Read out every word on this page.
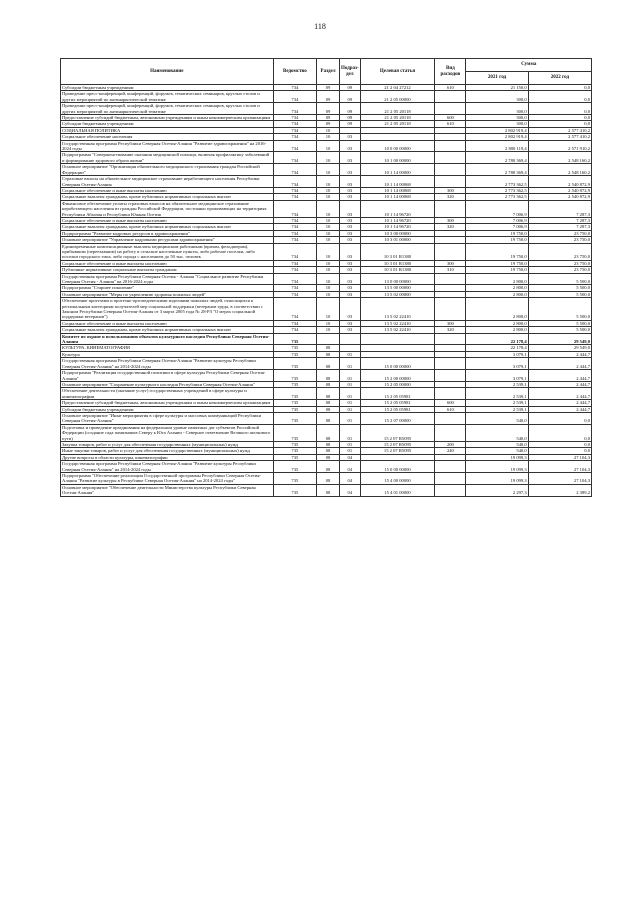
118
Наименование	Ведомство	Раздел	Подраз-дел	Целевая статья	Вид расходов	Сумма	
						2021 год	2022 год
Субсидии бюджетным учреждениям	734	09	09	21 2 04 27212	610	21 150,0	0,0
Проведение пресс-конференций, конференций, форумов, тематических семинаров, круглых столов и других мероприятий по антинаркотической тематике	734	09	09	21 2 05 00000		300,0	0,0
Проведение пресс-конференций, конференций, форумов, тематических семинаров, круглых столов и других мероприятий по антинаркотической тематике	734	09	09	21 2 05 20118		300,0	0,0
Предоставление субсидий бюджетным, автономным учреждениям и иным некоммерческим организациям	734	09	09	21 2 05 20118	600	300,0	0,0
Субсидии бюджетным учреждениям	734	09	09	21 2 05 20118	610	300,0	0,0
СОЦИАЛЬНАЯ ПОЛИТИКА	734	10				2 802 919,4	2 577 410,2
Социальное обеспечение населения	734	10	03			2 802 919,4	2 577 410,2
Государственная программа Республики Северная Осетия-Алания "Развитие здравоохранения" на 2016-2024 годы	734	10	03	10 0 00 00000		2 800 119,4	2 571 910,2
Подпрограмма "Совершенствование оказания медицинской помощи, включая профилактику заболеваний и формирование здорового образа жизни"	734	10	03	10 1 00 00000		2 780 369,4	2 548 160,2
Основное мероприятие "Организация обязательного медицинского страхования граждан Российской Федерации"	734	10	03	10 1 14 00000		2 780 369,4	2 548 160,2
Страховые взносы на обязательное медицинское страхование неработающего населения Республики Северная Осетия-Алания	734	10	03	10 1 14 00068		2 773 362,5	2 540 872,9
Социальное обеспечение и иные выплаты населению	734	10	03	10 1 14 00068	300	2 773 362,5	2 540 872,9
Социальные выплаты гражданам, кроме публичных нормативных социальных выплат	734	10	03	10 1 14 00068	320	2 773 362,5	2 540 872,9
Финансовое обеспечение уплаты страховых взносов на обязательное медицинское страхование неработающего населения из граждан Российской Федерации, постоянно проживающих на территориях Республики Абхазия и Республики Южная Осетия	734	10	03	10 1 14 96720		7 006,9	7 287,3
Социальное обеспечение и иные выплаты населению	734	10	03	10 1 14 96720	300	7 006,9	7 287,3
Социальные выплаты гражданам, кроме публичных нормативных социальных выплат	734	10	03	10 1 14 96720	320	7 006,9	7 287,3
Подпрограмма "Развитие кадровых ресурсов в здравоохранении"	734	10	03	10 3 00 00000		19 750,0	23 750,0
Основное мероприятие "Управление кадровыми ресурсами здравоохранения"	734	10	03	10 3 01 00000		19 750,0	23 750,0
Единовременные компенсационные выплаты медицинским работникам (врачам, фельдшерам), прибывшим (переехавшим) на работу в сельские населенные пункты, либо рабочие поселки, либо поселки городского типа, либо города с населением до 50 тыс. человек	734	10	03	10 3 01 R1380		19 750,0	23 750,0
Социальное обеспечение и иные выплаты населению	734	10	03	10 3 01 R1380	300	19 750,0	23 750,0
Публичные нормативные социальные выплаты гражданам	734	10	03	10 3 01 R1380	310	19 750,0	23 750,0
Государственная программа Республики Северная Осетия - Алания "Социальное развитие Республики Северная Осетия - Алания" на 2016-2024 годы	734	10	03	13 0 00 00000		2 800,0	5 500,0
Подпрограмма "Старшее поколение"	734	10	03	13 5 00 00000		2 800,0	5 500,0
Основное мероприятие "Меры по укреплению здоровья пожилых людей"	734	10	03	13 5 02 00000		2 800,0	5 500,0
Обеспечение протезами и протезно-ортопедическими изделиями пожилых людей, относящихся к региональным категориям получателей мер социальной поддержки (ветеранов труда, в соответствии с Законом Республики Северная Осетия-Алания от 3 марта 2005 года № 28-РЗ "О мерах социальной поддержки ветеранов")	734	10	03	13 5 02 22410		2 800,0	5 500,0
Социальное обеспечение и иные выплаты населению	734	10	03	13 5 02 22410	300	2 800,0	5 500,0
Социальные выплаты гражданам, кроме публичных нормативных социальных выплат	734	10	03	13 5 02 22410	320	2 800,0	5 500,0
Комитет по охране и использованию объектов культурного наследия Республики Северная Осетия-Алания	735					22 178,4	29 549,0
КУЛЬТУРА, КИНЕМАТОГРАФИЯ	735	08				22 178,4	29 549,0
Культура	735	08	01			3 079,1	2 444,7
Государственная программа Республики Северная Осетия-Алания "Развитие культуры Республики Северная Осетия-Алания" на 2014-2024 годы	735	08	01	15 0 00 00000		3 079,1	2 444,7
Подпрограмма "Реализация государственной политики в сфере культуры Республики Северная Осетия-Алания"	735	08	01	15 2 00 00000		3 079,1	2 444,7
Основное мероприятие "Сохранение культурного наследия Республики Северная Осетия-Алания"	735	08	01	15 2 05 00000		2 539,1	2 444,7
Обеспечение деятельности (оказание услуг) государственных учреждений в сфере культуры и кинематографии	735	08	01	15 2 05 05981		2 539,1	2 444,7
Предоставление субсидий бюджетным, автономным учреждениям и иным некоммерческим организациям	735	08	01	15 2 05 05981	600	2 539,1	2 444,7
Субсидии бюджетным учреждениям	735	08	01	15 2 05 05981	610	2 539,1	2 444,7
Основное мероприятие "Иные мероприятия в сфере культуры и массовых коммуникаций Республики Северная Осетия-Алания"	735	08	01	15 2 07 00000		540,0	0,0
Подготовка и проведение празднования на федеральном уровне памятных дат субъектов Российской Федерации (создание сада памятников Северу к Юга Алании - Северное ответвление Великого шелкового пути)	735	08	01	15 2 07 R5095		540,0	0,0
Закупка товаров, работ и услуг для обеспечения государственных (муниципальных) нужд	735	08	01	15 2 07 R5095	200	540,0	0,0
Иные закупки товаров, работ и услуг для обеспечения государственных (муниципальных) нужд	735	08	01	15 2 07 R5095	240	540,0	0,0
Другие вопросы в области культуры, кинематографии	735	08	04			19 099,3	27 104,3
Государственная программа Республики Северная Осетия-Алания "Развитие культуры Республики Северная Осетия-Алания" на 2014-2024 годы	735	08	04	15 0 00 00000		19 099,3	27 104,3
Подпрограмма "Обеспечение реализации Государственной программы Республики Северная Осетия-Алания "Развитие культуры в Республике Северная Осетия-Алания" на 2014-2024 годы"	735	08	04	15 4 00 00000		19 099,3	27 104,3
Основное мероприятие "Обеспечение деятельности Министерства культуры Республики Северная Осетия-Алания"	735	08	04	15 4 01 00000		2 297,3	2 389,2
